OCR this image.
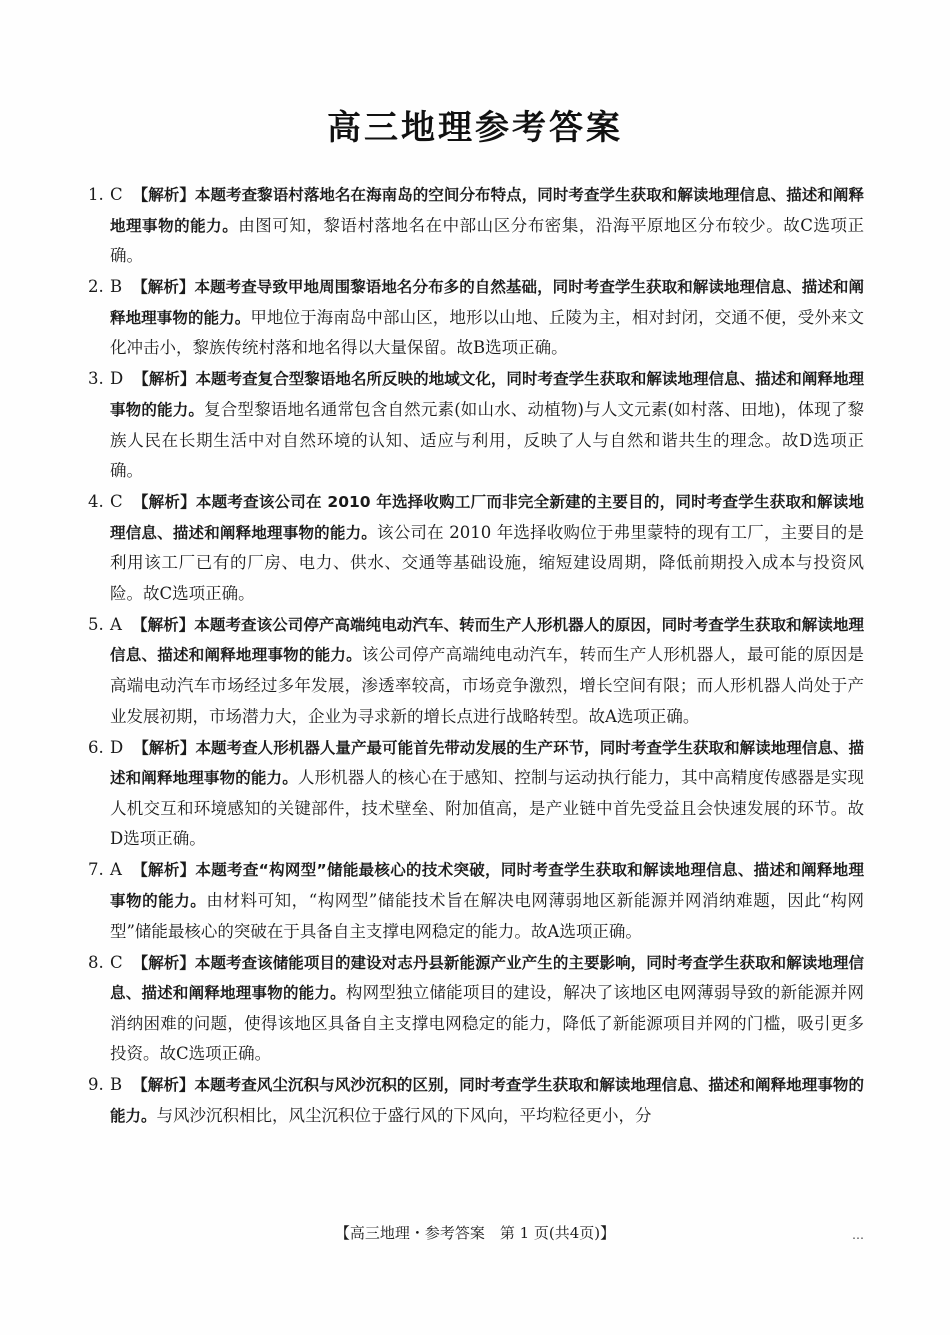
高三地理参考答案
1. C 【解析】本题考查黎语村落地名在海南岛的空间分布特点，同时考查学生获取和解读地理信息、描述和阐释地理事物的能力。由图可知，黎语村落地名在中部山区分布密集，沿海平原地区分布较少。故C选项正确。
2. B 【解析】本题考查导致甲地周围黎语地名分布多的自然基础，同时考查学生获取和解读地理信息、描述和阐释地理事物的能力。甲地位于海南岛中部山区，地形以山地、丘陵为主，相对封闭，交通不便，受外来文化冲击小，黎族传统村落和地名得以大量保留。故B选项正确。
3. D 【解析】本题考查复合型黎语地名所反映的地域文化，同时考查学生获取和解读地理信息、描述和阐释地理事物的能力。复合型黎语地名通常包含自然元素(如山水、动植物)与人文元素(如村落、田地)，体现了黎族人民在长期生活中对自然环境的认知、适应与利用，反映了人与自然和谐共生的理念。故D选项正确。
4. C 【解析】本题考查该公司在 2010 年选择收购工厂而非完全新建的主要目的，同时考查学生获取和解读地理信息、描述和阐释地理事物的能力。该公司在 2010 年选择收购位于弗里蒙特的现有工厂，主要目的是利用该工厂已有的厂房、电力、供水、交通等基础设施，缩短建设周期，降低前期投入成本与投资风险。故C选项正确。
5. A 【解析】本题考查该公司停产高端纯电动汽车、转而生产人形机器人的原因，同时考查学生获取和解读地理信息、描述和阐释地理事物的能力。该公司停产高端纯电动汽车，转而生产人形机器人，最可能的原因是高端电动汽车市场经过多年发展，渗透率较高，市场竞争激烈，增长空间有限；而人形机器人尚处于产业发展初期，市场潜力大，企业为寻求新的增长点进行战略转型。故A选项正确。
6. D 【解析】本题考查人形机器人量产最可能首先带动发展的生产环节，同时考查学生获取和解读地理信息、描述和阐释地理事物的能力。人形机器人的核心在于感知、控制与运动执行能力，其中高精度传感器是实现人机交互和环境感知的关键部件，技术壁垒、附加值高，是产业链中首先受益且会快速发展的环节。故D选项正确。
7. A 【解析】本题考查“构网型”储能最核心的技术突破，同时考查学生获取和解读地理信息、描述和阐释地理事物的能力。由材料可知，“构网型”储能技术旨在解决电网薄弱地区新能源并网消纳难题，因此“构网型”储能最核心的突破在于具备自主支撑电网稳定的能力。故A选项正确。
8. C 【解析】本题考查该储能项目的建设对志丹县新能源产业产生的主要影响，同时考查学生获取和解读地理信息、描述和阐释地理事物的能力。构网型独立储能项目的建设，解决了该地区电网薄弱导致的新能源并网消纳困难的问题，使得该地区具备自主支撑电网稳定的能力，降低了新能源项目并网的门槛，吸引更多投资。故C选项正确。
9. B 【解析】本题考查风尘沉积与风沙沉积的区别，同时考查学生获取和解读地理信息、描述和阐释地理事物的能力。与风沙沉积相比，风尘沉积位于盛行风的下风向，平均粒径更小，分
【高三地理・参考答案　第 1 页(共4页)】	…
